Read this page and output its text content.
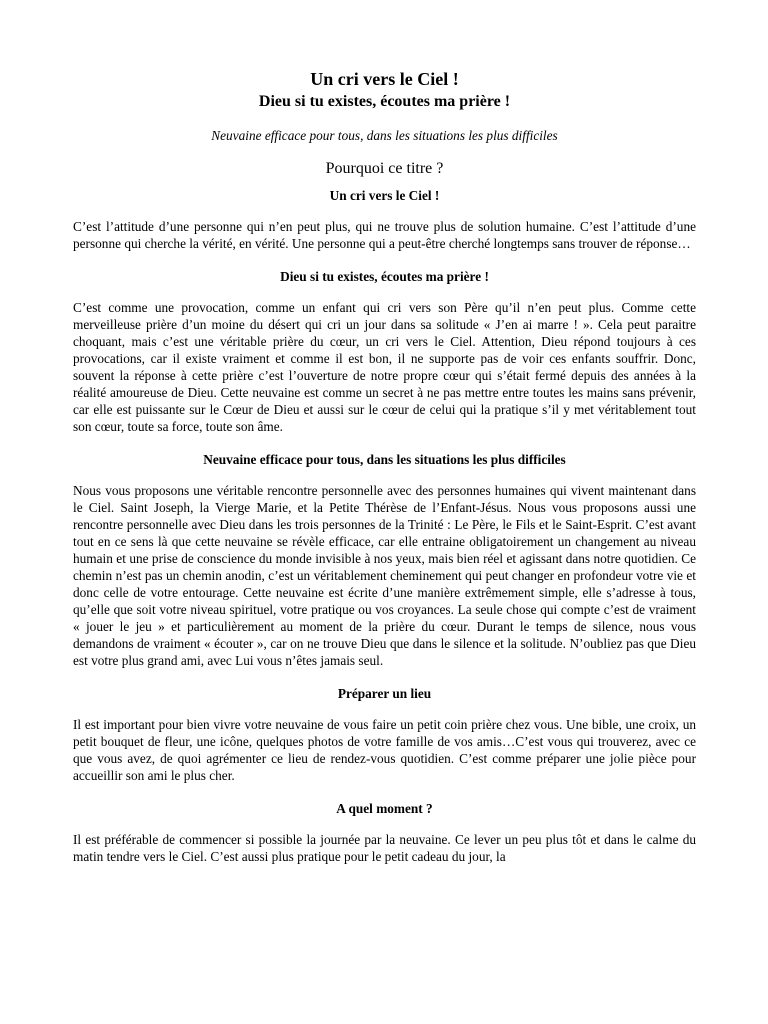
Un cri vers le Ciel !
Dieu si tu existes, écoutes ma prière !

Neuvaine efficace pour tous, dans les situations les plus difficiles

Pourquoi ce titre ?

Un cri vers le Ciel !

C’est l’attitude d’une personne qui n’en peut plus, qui ne trouve plus de solution humaine. C’est l’attitude d’une personne qui cherche la vérité, en vérité. Une personne qui a peut-être cherché longtemps sans trouver de réponse…

Dieu si tu existes, écoutes ma prière !

C’est comme une provocation, comme un enfant qui cri vers son Père qu’il n’en peut plus. Comme cette merveilleuse prière d’un moine du désert qui cri un jour dans sa solitude « J’en ai marre ! ». Cela peut paraitre choquant, mais c’est une véritable prière du cœur, un cri vers le Ciel. Attention, Dieu répond toujours à ces provocations, car il existe vraiment et comme il est bon, il ne supporte pas de voir ces enfants souffrir. Donc, souvent la réponse à cette prière c’est l’ouverture de notre propre cœur qui s’était fermé depuis des années à la réalité amoureuse de Dieu. Cette neuvaine est comme un secret à ne pas mettre entre toutes les mains sans prévenir, car elle est puissante sur le Cœur de Dieu et aussi sur le cœur de celui qui la pratique s’il y met véritablement tout son cœur, toute sa force, toute son âme.

Neuvaine efficace pour tous, dans les situations les plus difficiles

Nous vous proposons une véritable rencontre personnelle avec des personnes humaines qui vivent maintenant dans le Ciel. Saint Joseph, la Vierge Marie, et la Petite Thérèse de l’Enfant-Jésus. Nous vous proposons aussi une rencontre personnelle avec Dieu dans les trois personnes de la Trinité : Le Père, le Fils et le Saint-Esprit. C’est avant tout en ce sens là que cette neuvaine se révèle efficace, car elle entraine obligatoirement un changement au niveau humain et une prise de conscience du monde invisible à nos yeux, mais bien réel et agissant dans notre quotidien. Ce chemin n’est pas un chemin anodin, c’est un véritablement cheminement qui peut changer en profondeur votre vie et donc celle de votre entourage. Cette neuvaine est écrite d’une manière extrêmement simple, elle s’adresse à tous, qu’elle que soit votre niveau spirituel, votre pratique ou vos croyances. La seule chose qui compte c’est de vraiment « jouer le jeu » et particulièrement au moment de la prière du cœur. Durant le temps de silence, nous vous demandons de vraiment « écouter », car on ne trouve Dieu que dans le silence et la solitude. N’oubliez pas que Dieu est votre plus grand ami, avec Lui vous n’êtes jamais seul.

Préparer un lieu

Il est important pour bien vivre votre neuvaine de vous faire un petit coin prière chez vous. Une bible, une croix, un petit bouquet de fleur, une icône, quelques photos de votre famille de vos amis…C’est vous qui trouverez, avec ce que vous avez, de quoi agrémenter ce lieu de rendez-vous quotidien. C’est comme préparer une jolie pièce pour accueillir son ami le plus cher.

A quel moment ?

Il est préférable de commencer si possible la journée par la neuvaine. Ce lever un peu plus tôt et dans le calme du matin tendre vers le Ciel. C’est aussi plus pratique pour le petit cadeau du jour, la
